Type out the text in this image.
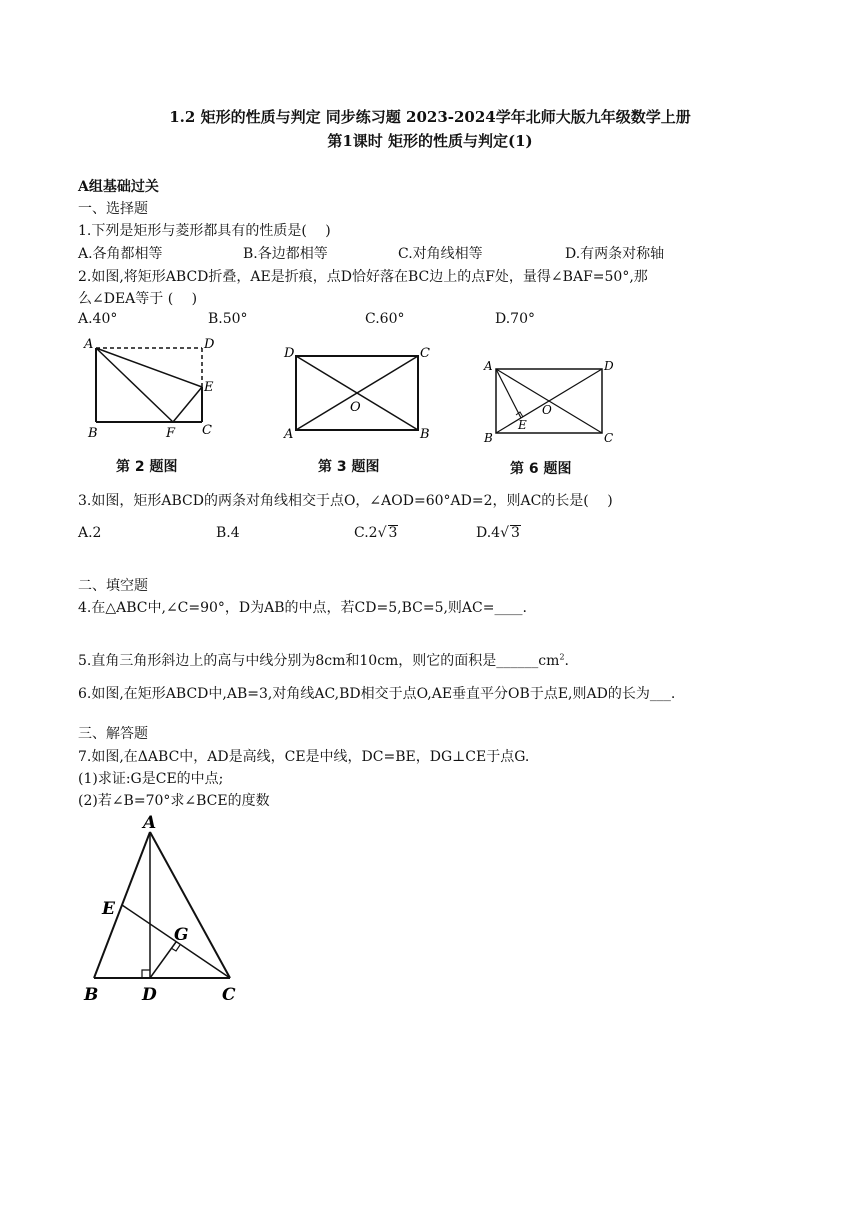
1.2 矩形的性质与判定 同步练习题 2023-2024学年北师大版九年级数学上册
第1课时 矩形的性质与判定(1)
A组基础过关
一、选择题
1.下列是矩形与菱形都具有的性质是(　 )
A.各角都相等	B.各边都相等	C.对角线相等	D.有两条对称轴
2.如图,将矩形ABCD折叠，AE是折痕，点D恰好落在BC边上的点F处，量得∠BAF=50°,那
么∠DEA等于 (　 )
A.40°	B.50°	C.60°	D.70°
A	D
E
B	F C
第 2 题图
D	C
O
A	B
第 3 题图
A	D
O
E
B	C
第 6 题图
3.如图，矩形ABCD的两条对角线相交于点O，∠AOD=60°AD=2，则AC的长是(　 )
A.2	B.4	C.2√ 3	D.4√ 3
二、填空题
4.在△ABC中,∠C=90°，D为AB的中点，若CD=5,BC=5,则AC=____.
5.直角三角形斜边上的高与中线分别为8cm和10cm，则它的面积是$\_\_\_\_\_\_cm^2$.
6.如图,在矩形ABCD中,AB=3,对角线AC,BD相交于点O,AE垂直平分OB于点E,则AD的长为___.
三、解答题
7.如图,在ΔABC中，AD是高线，CE是中线，DC=BE，DG⊥CE于点G.
(1)求证:G是CE的中点;
(2)若∠B=70°求∠BCE的度数
A
E
G
B	D	C
